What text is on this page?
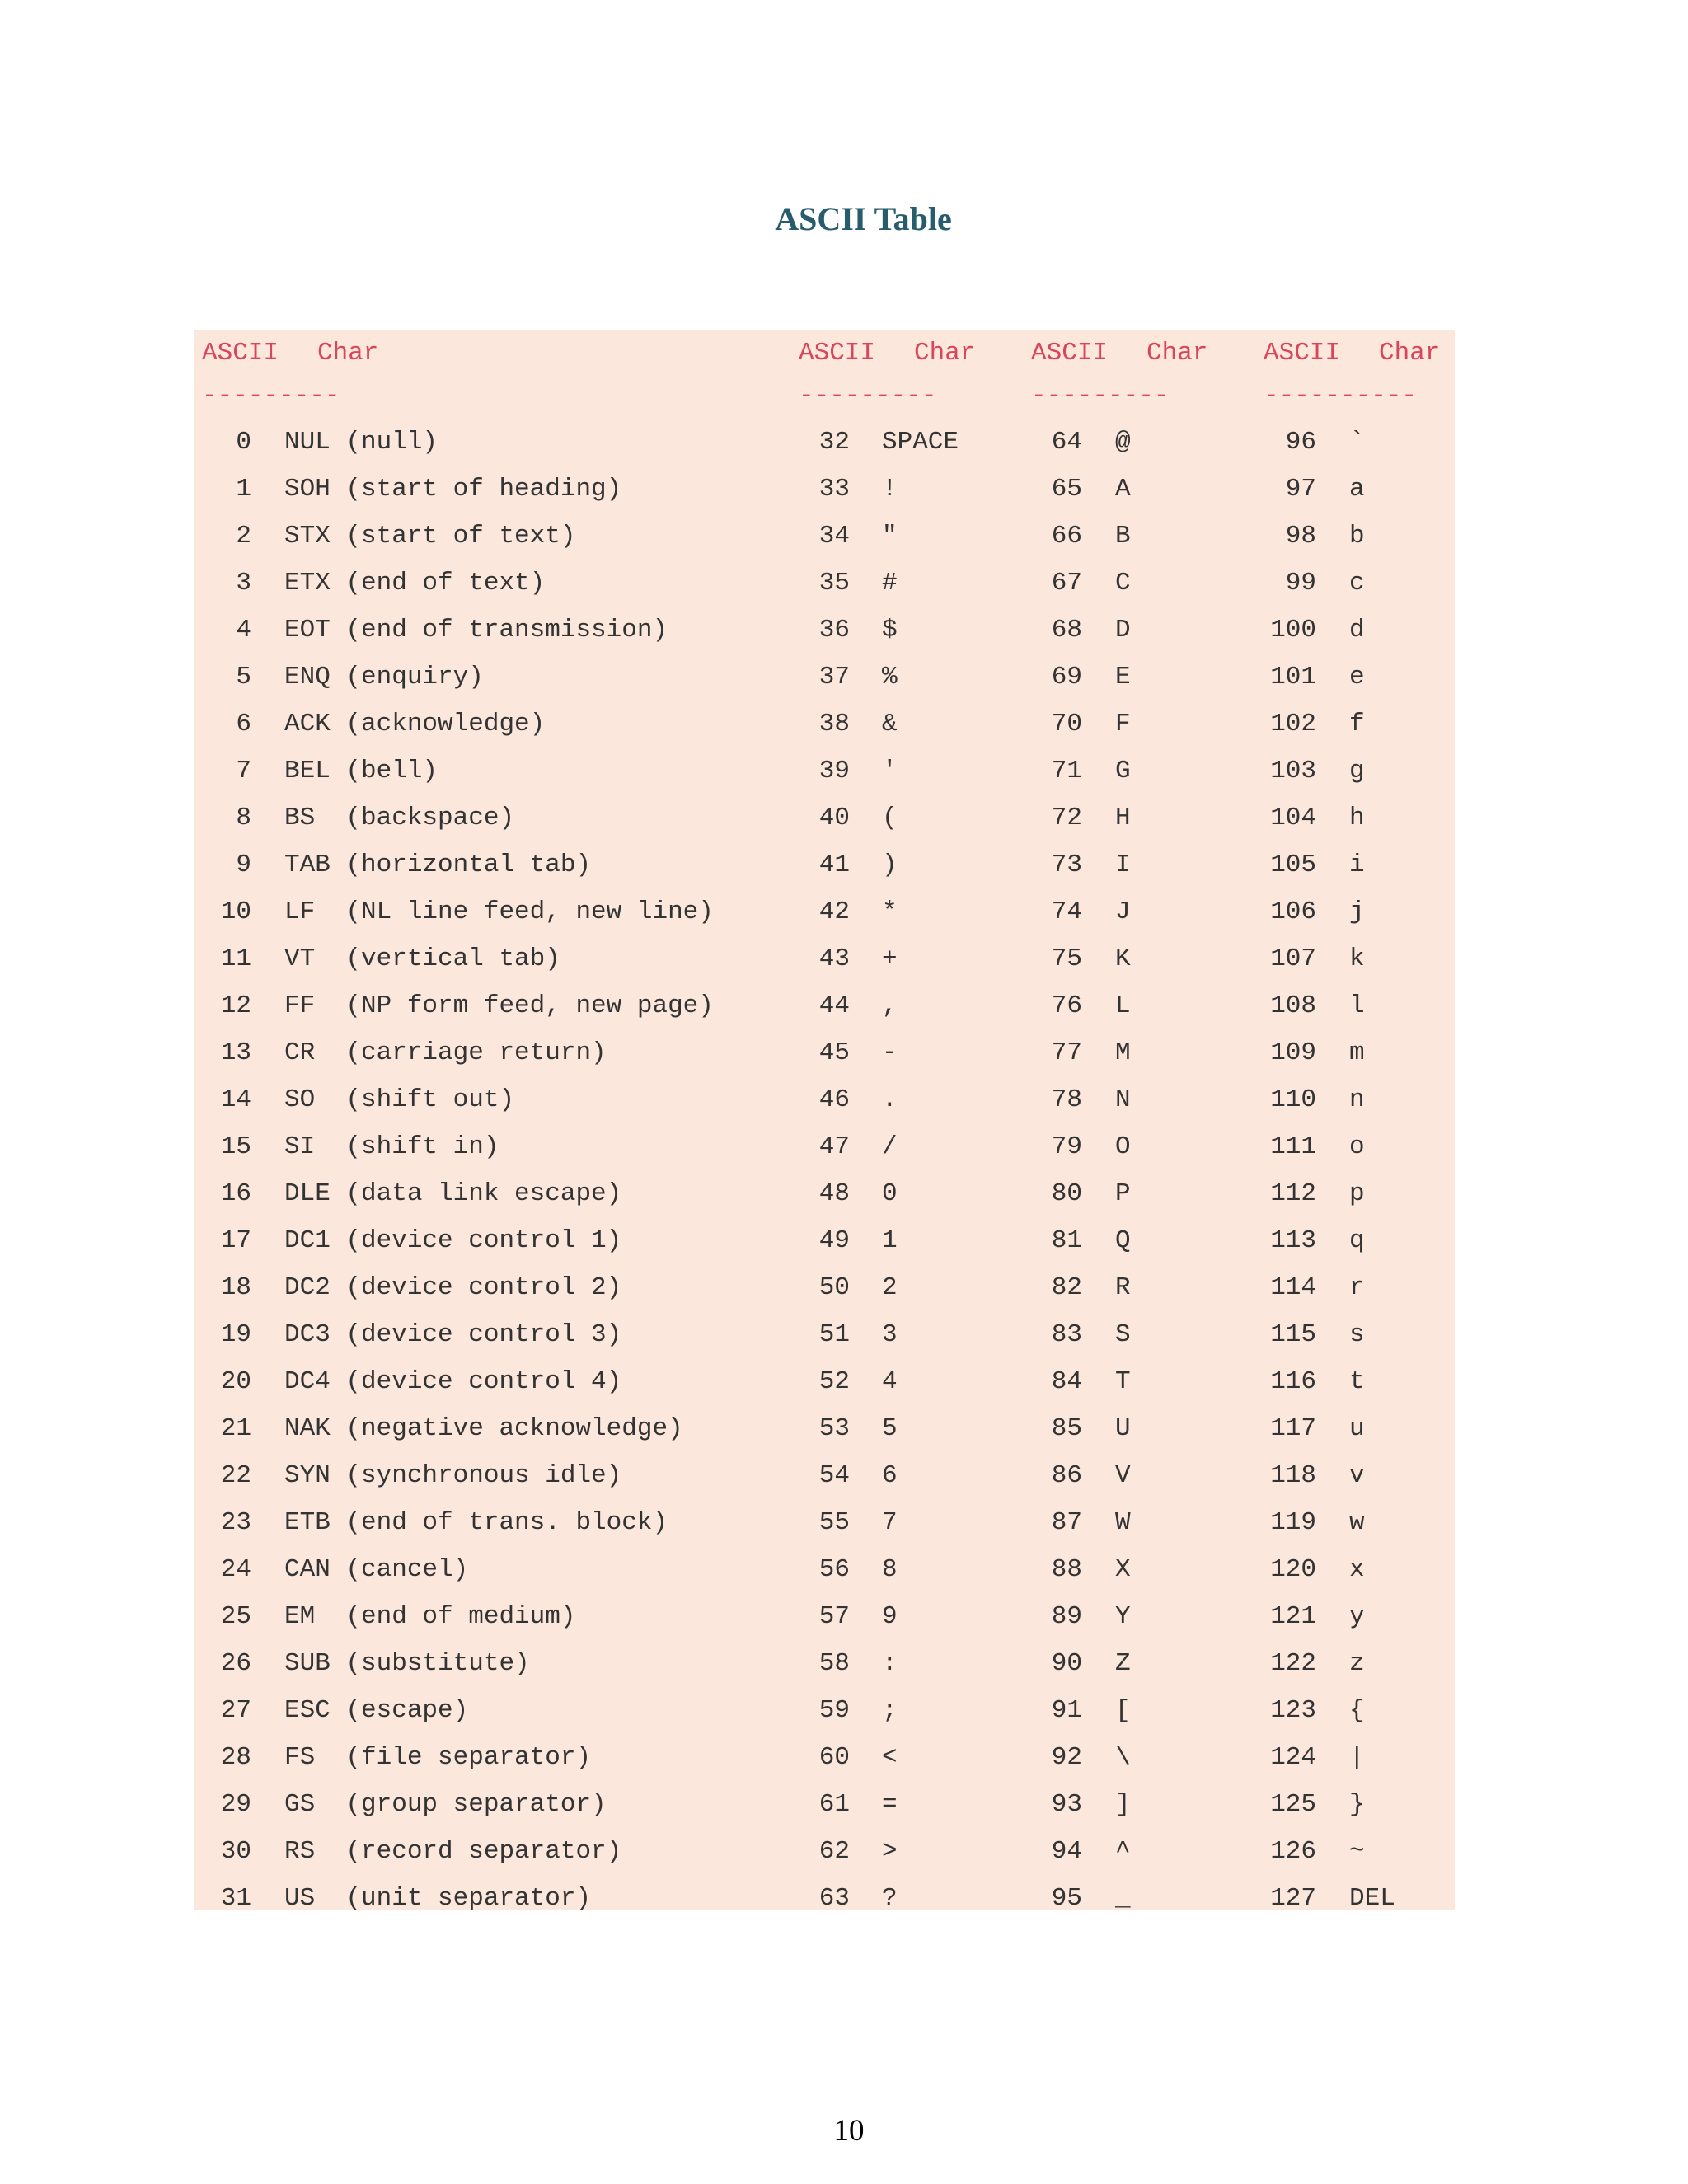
ASCII Table
ASCII Char	ASCII Char ASCII Char ASCII Char
---------	---------	---------	----------
0 NUL (null)	32 SPACE	64 @	96 `
1 SOH (start of heading)	33 !	65 A	97 a
2 STX (start of text)	34 "	66 B	98 b
3 ETX (end of text)	35 #	67 C	99 c
4 EOT (end of transmission)	36 $	68 D	100 d
5 ENQ (enquiry)	37 %	69 E	101 e
6 ACK (acknowledge)	38 &	70 F	102 f
7 BEL (bell)	39 '	71 G	103 g
8 BS  (backspace)	40 (	72 H	104 h
9 TAB (horizontal tab)	41 )	73 I	105 i
10 LF  (NL line feed, new line)	42 *	74 J	106 j
11 VT  (vertical tab)	43 +	75 K	107 k
12 FF  (NP form feed, new page)	44 ,	76 L	108 l
13 CR  (carriage return)	45 -	77 M	109 m
14 SO  (shift out)	46 .	78 N	110 n
15 SI  (shift in)	47 /	79 O	111 o
16 DLE (data link escape)	48 0	80 P	112 p
17 DC1 (device control 1)	49 1	81 Q	113 q
18 DC2 (device control 2)	50 2	82 R	114 r
19 DC3 (device control 3)	51 3	83 S	115 s
20 DC4 (device control 4)	52 4	84 T	116 t
21 NAK (negative acknowledge)	53 5	85 U	117 u
22 SYN (synchronous idle)	54 6	86 V	118 v
23 ETB (end of trans. block)	55 7	87 W	119 w
24 CAN (cancel)	56 8	88 X	120 x
25 EM  (end of medium)	57 9	89 Y	121 y
26 SUB (substitute)	58 :	90 Z	122 z
27 ESC (escape)	59 ;	91 [	123 {
28 FS  (file separator)	60 <	92 \	124 |
29 GS  (group separator)	61 =	93 ]	125 }
30 RS  (record separator)	62 >	94 ^	126 ~
31 US  (unit separator)	63 ?	95 _	127 DEL
10
